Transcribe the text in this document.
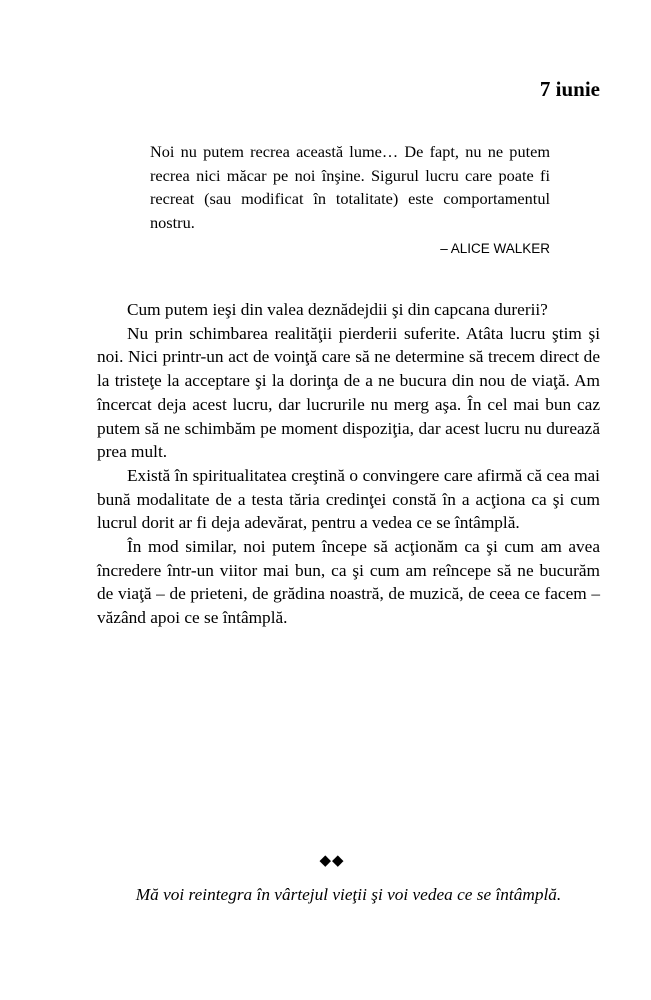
7 iunie

Noi nu putem recrea această lume… De fapt, nu ne putem recrea nici măcar pe noi înşine. Sigurul lucru care poate fi recreat (sau modificat în totalitate) este comportamentul nostru.

– ALICE WALKER

Cum putem ieşi din valea deznădejdii şi din capcana durerii?

Nu prin schimbarea realităţii pierderii suferite. Atâta lucru ştim şi noi. Nici printr-un act de voinţă care să ne determine să trecem direct de la tristeţe la acceptare şi la dorinţa de a ne bucura din nou de viaţă. Am încercat deja acest lucru, dar lucrurile nu merg aşa. În cel mai bun caz putem să ne schimbăm pe moment dispoziţia, dar acest lucru nu durează prea mult.

Există în spiritualitatea creştină o convingere care afirmă că cea mai bună modalitate de a testa tăria credinţei constă în a acţiona ca şi cum lucrul dorit ar fi deja adevărat, pentru a vedea ce se întâmplă.

În mod similar, noi putem începe să acţionăm ca şi cum am avea încredere într-un viitor mai bun, ca şi cum am reîncepe să ne bucurăm de viaţă – de prieteni, de grădina noastră, de muzică, de ceea ce facem – văzând apoi ce se întâmplă.

◆◆

Mă voi reintegra în vârtejul vieţii şi voi vedea ce se întâmplă.
